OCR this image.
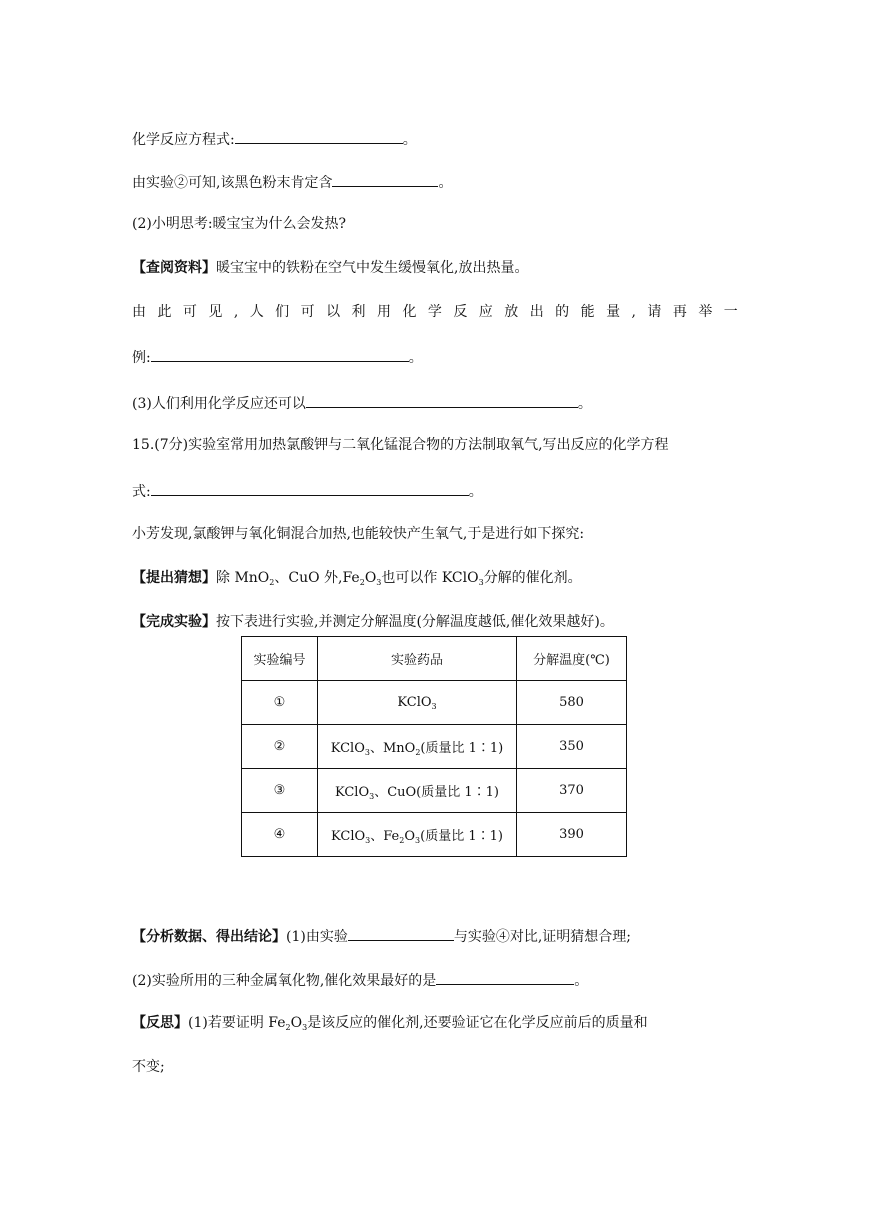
化学反应方程式:	。
由实验②可知,该黑色粉末肯定含	。
(2)小明思考:暖宝宝为什么会发热?
【查阅资料】暖宝宝中的铁粉在空气中发生缓慢氧化,放出热量。
由 此 可 见 , 人 们 可 以 利 用 化 学 反 应 放 出 的 能 量 , 请 再 举 一
例:	。
(3)人们利用化学反应还可以	。
15.(7分)实验室常用加热氯酸钾与二氧化锰混合物的方法制取氧气,写出反应的化学方程
式:	。
小芳发现,氯酸钾与氧化铜混合加热,也能较快产生氧气,于是进行如下探究:
【提出猜想】除 MnO$_2$、CuO 外$,Fe_2O_3$也可以作 KClO$_3$分解的催化剂。
【完成实验】按下表进行实验,并测定分解温度(分解温度越低,催化效果越好)。
实验编号	实验药品	分解温度(℃)
①	KClO$_3$	580
②	KClO$_3$、MnO$_2$(质量比 1∶1)	350
③	KClO$_3$、CuO(质量比 1∶1)	370
④	KClO$_3$、$Fe_2O_3$(质量比 1∶1)	390
【分析数据、得出结论】(1)由实验	与实验④对比,证明猜想合理;
(2)实验所用的三种金属氧化物,催化效果最好的是	。
【反思】(1)若要证明 $Fe_2O_3$是该反应的催化剂,还要验证它在化学反应前后的质量和
不变;
